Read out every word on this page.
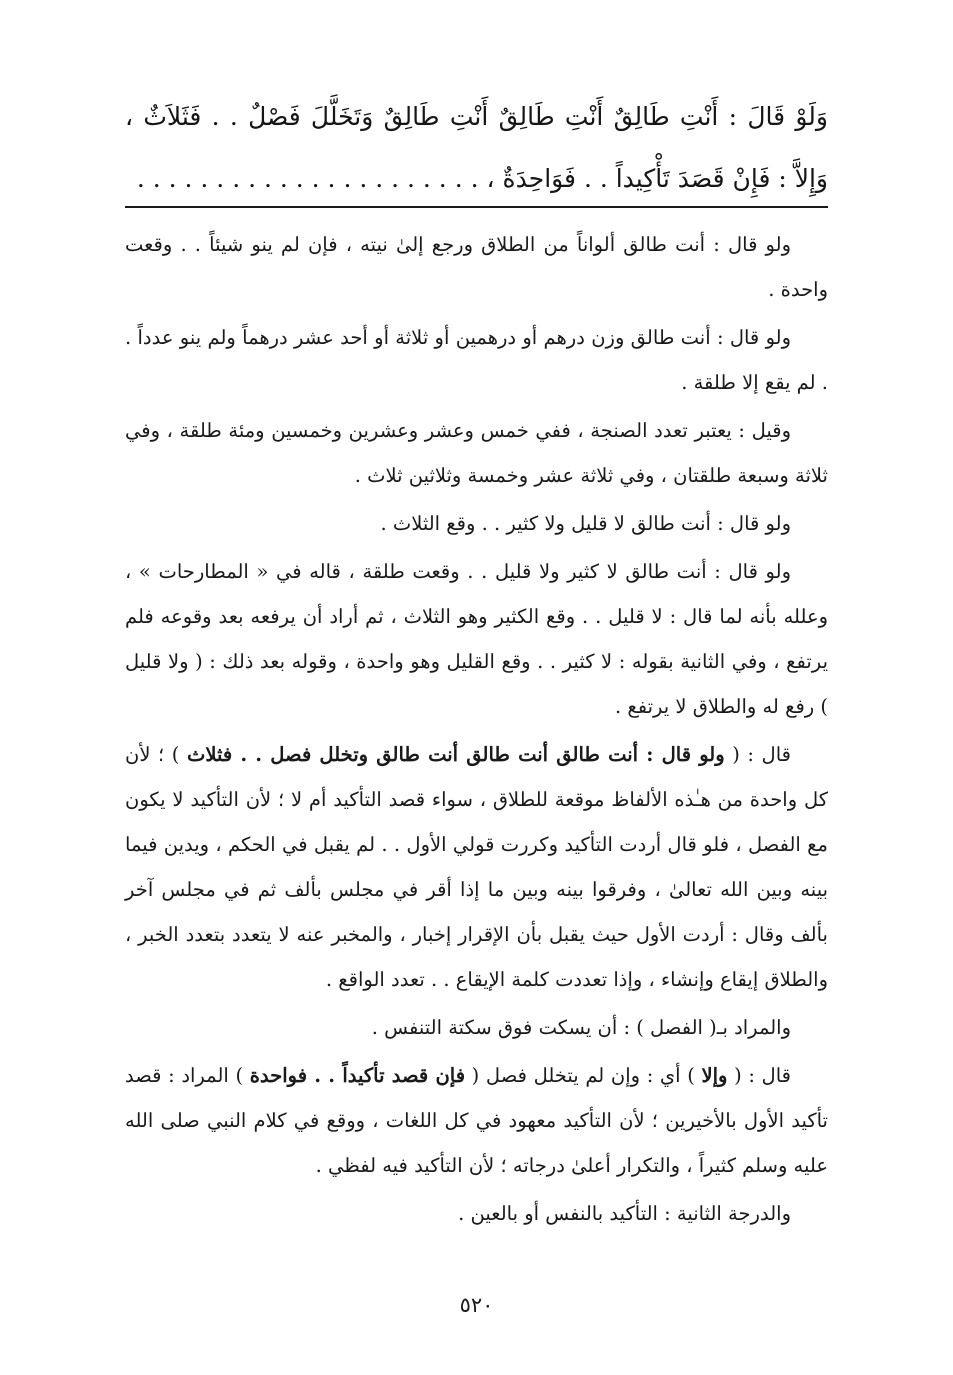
وَلَوْ قَالَ : أَنْتِ طَالِقٌ أَنْتِ طَالِقٌ أَنْتِ طَالِقٌ وَتَخَلَّلَ فَصْلٌ . . فَثَلاَثٌ ، وَإِلاَّ : فَإِنْ قَصَدَ تَأْكِيداً . . فَوَاحِدَةٌ ، . . . . . . . . . . . . . . . . . . . . . .

ولو قال : أنت طالق ألواناً من الطلاق ورجع إلىٰ نيته ، فإن لم ينو شيئاً . . وقعت واحدة .

ولو قال : أنت طالق وزن درهم أو درهمين أو ثلاثة أو أحد عشر درهماً ولم ينو عدداً . . لم يقع إلا طلقة .

وقيل : يعتبر تعدد الصنجة ، ففي خمس وعشر وعشرين وخمسين ومئة طلقة ، وفي ثلاثة وسبعة طلقتان ، وفي ثلاثة عشر وخمسة وثلاثين ثلاث .

ولو قال : أنت طالق لا قليل ولا كثير . . وقع الثلاث .

ولو قال : أنت طالق لا كثير ولا قليل . . وقعت طلقة ، قاله في « المطارحات » ، وعلله بأنه لما قال : لا قليل . . وقع الكثير وهو الثلاث ، ثم أراد أن يرفعه بعد وقوعه فلم يرتفع ، وفي الثانية بقوله : لا كثير . . وقع القليل وهو واحدة ، وقوله بعد ذلك : ( ولا قليل ) رفع له والطلاق لا يرتفع .

قال : ( ولو قال : أنت طالق أنت طالق أنت طالق وتخلل فصل . . فثلاث ) ؛ لأن كل واحدة من هـٰذه الألفاظ موقعة للطلاق ، سواء قصد التأكيد أم لا ؛ لأن التأكيد لا يكون مع الفصل ، فلو قال أردت التأكيد وكررت قولي الأول . . لم يقبل في الحكم ، ويدين فيما بينه وبين الله تعالىٰ ، وفرقوا بينه وبين ما إذا أقر في مجلس بألف ثم في مجلس آخر بألف وقال : أردت الأول حيث يقبل بأن الإقرار إخبار ، والمخبر عنه لا يتعدد بتعدد الخبر ، والطلاق إيقاع وإنشاء ، وإذا تعددت كلمة الإيقاع . . تعدد الواقع .

والمراد بـ( الفصل ) : أن يسكت فوق سكتة التنفس .

قال : ( وإلا ) أي : وإن لم يتخلل فصل ( فإن قصد تأكيداً . . فواحدة ) المراد : قصد تأكيد الأول بالأخيرين ؛ لأن التأكيد معهود في كل اللغات ، ووقع في كلام النبي صلى الله عليه وسلم كثيراً ، والتكرار أعلىٰ درجاته ؛ لأن التأكيد فيه لفظي .

والدرجة الثانية : التأكيد بالنفس أو بالعين .

٥٢٠
